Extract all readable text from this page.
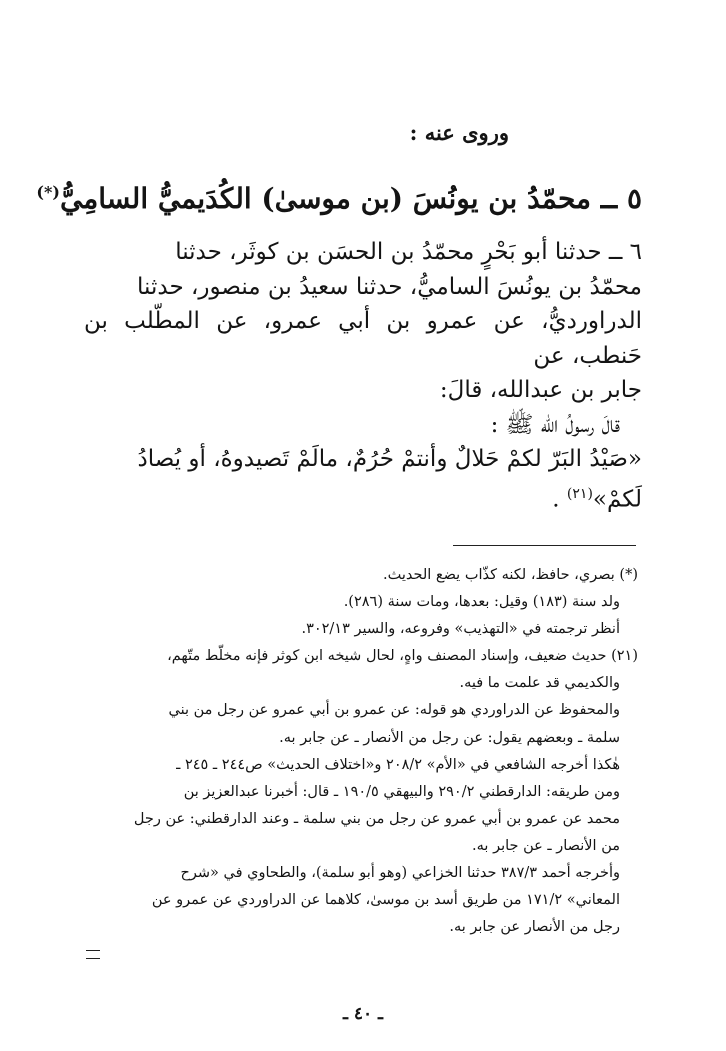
وروى عنه :
٥ ــ محمّدُ بن يونُسَ (بن موسىٰ) الكُدَيميُّ السامِيُّ(*)
٦ ــ حدثنا أبو بَحْرٍ محمّدُ بن الحسَن بن كوثَر، حدثنا
محمّدُ بن يونُسَ الساميُّ، حدثنا سعيدُ بن منصور، حدثنا
الدراورديُّ، عن عمرو بن أبي عمرو، عن المطّلب بن حَنطب، عن
جابر بن عبدالله، قالَ:
قالَ رسولُ الله ﷺ :
«صَيْدُ البَرّ لكمْ حَلالٌ وأنتمْ حُرُمٌ، مالَمْ تَصيدوهُ، أو يُصادُ
لَكمْ»$^{(٢١)}$ .
(*) بصري، حافظ، لكنه كذّاب يضع الحديث.
ولد سنة (١٨٣) وقيل: بعدها، ومات سنة (٢٨٦).
أنظر ترجمته في «التهذيب» وفروعه، والسير ٣٠٢/١٣.
(٢١) حديث ضعيف، وإسناد المصنف واهٍ، لحال شيخه ابن كوثر فإنه مخلّط متّهم،
والكديمي قد علمت ما فيه.
والمحفوظ عن الدراوردي هو قوله: عن عمرو بن أبي عمرو عن رجل من بني
سلمة ـ وبعضهم يقول: عن رجل من الأنصار ـ عن جابر به.
هٰكذا أخرجه الشافعي في «الأم» ٢٠٨/٢ و«اختلاف الحديث» ص٢٤٤ ـ ٢٤٥ ـ
ومن طريقه: الدارقطني ٢٩٠/٢ والبيهقي ١٩٠/٥ ـ قال: أخبرنا عبدالعزيز بن
محمد عن عمرو بن أبي عمرو عن رجل من بني سلمة ـ وعند الدارقطني: عن رجل
من الأنصار ـ عن جابر به.
وأخرجه أحمد ٣٨٧/٣ حدثنا الخزاعي (وهو أبو سلمة)، والطحاوي في «شرح
المعاني» ١٧١/٢ من طريق أسد بن موسىٰ، كلاهما عن الدراوردي عن عمرو عن
رجل من الأنصار عن جابر به.
ـ ٤٠ ـ
